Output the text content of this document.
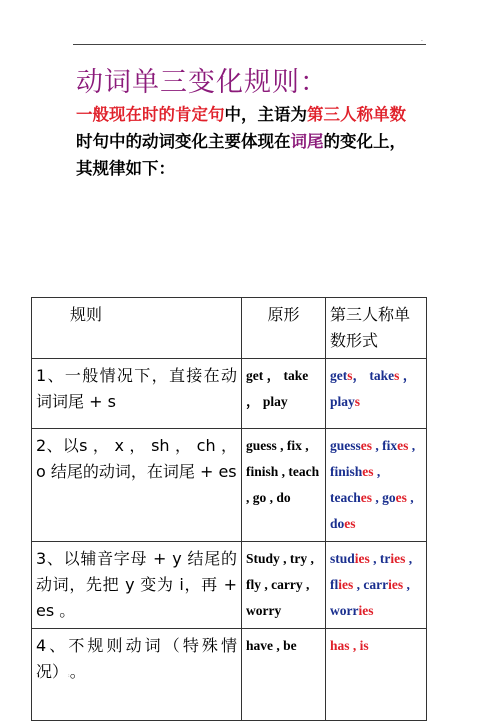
.
动词单三变化规则：
一般现在时的肯定句中，主语为第三人称单数时句中的动词变化主要体现在词尾的变化上，其规律如下：
规则	原形	第三人称单数形式

1、一般情况下，直接在动词词尾 + s	get ， take ， play	gets， takes ， plays

2、以s ， x ， sh ， ch ， o 结尾的动词，在词尾 + es	guess , fix , finish , teach , go , do	guesses , fixes , finishes , teaches , goes , does

3、以辅音字母 + y 结尾的动词，先把 y 变为 i，再 + es 。	Study , try , fly , carry , worry	studies , tries , flies , carries , worries

4、不规则动词（特殊情况）:。	have , be	has , is
